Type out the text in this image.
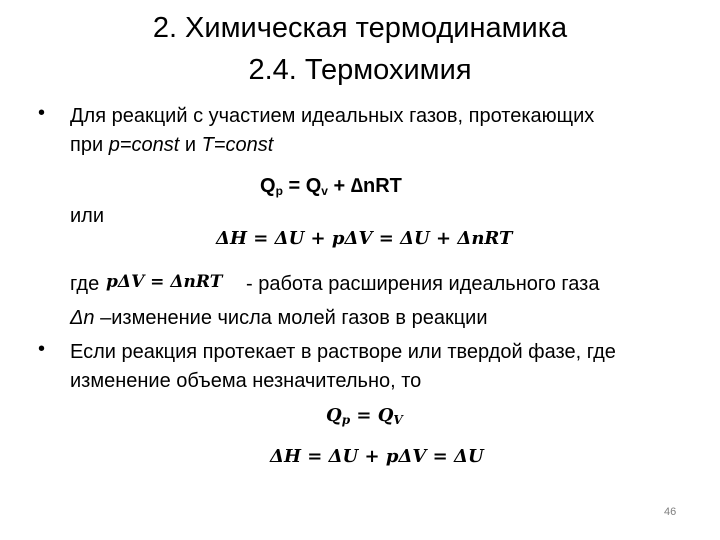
2. Химическая термодинамика
2.4. Термохимия
• Для реакций с участием идеальных газов, протекающих
при p=const и T=const
$Q_p = Q_v + \Delta nRT$
или
ΔH = ΔU + pΔV = ΔU + ΔnRT
где pΔV = ΔnRT - работа расширения идеального газа
Δn –изменение числа молей газов в реакции
• Если реакция протекает в растворе или твердой фазе, где
изменение объема незначительно, то
$Q_p = Q_V$
ΔH = ΔU + pΔV = ΔU
46
